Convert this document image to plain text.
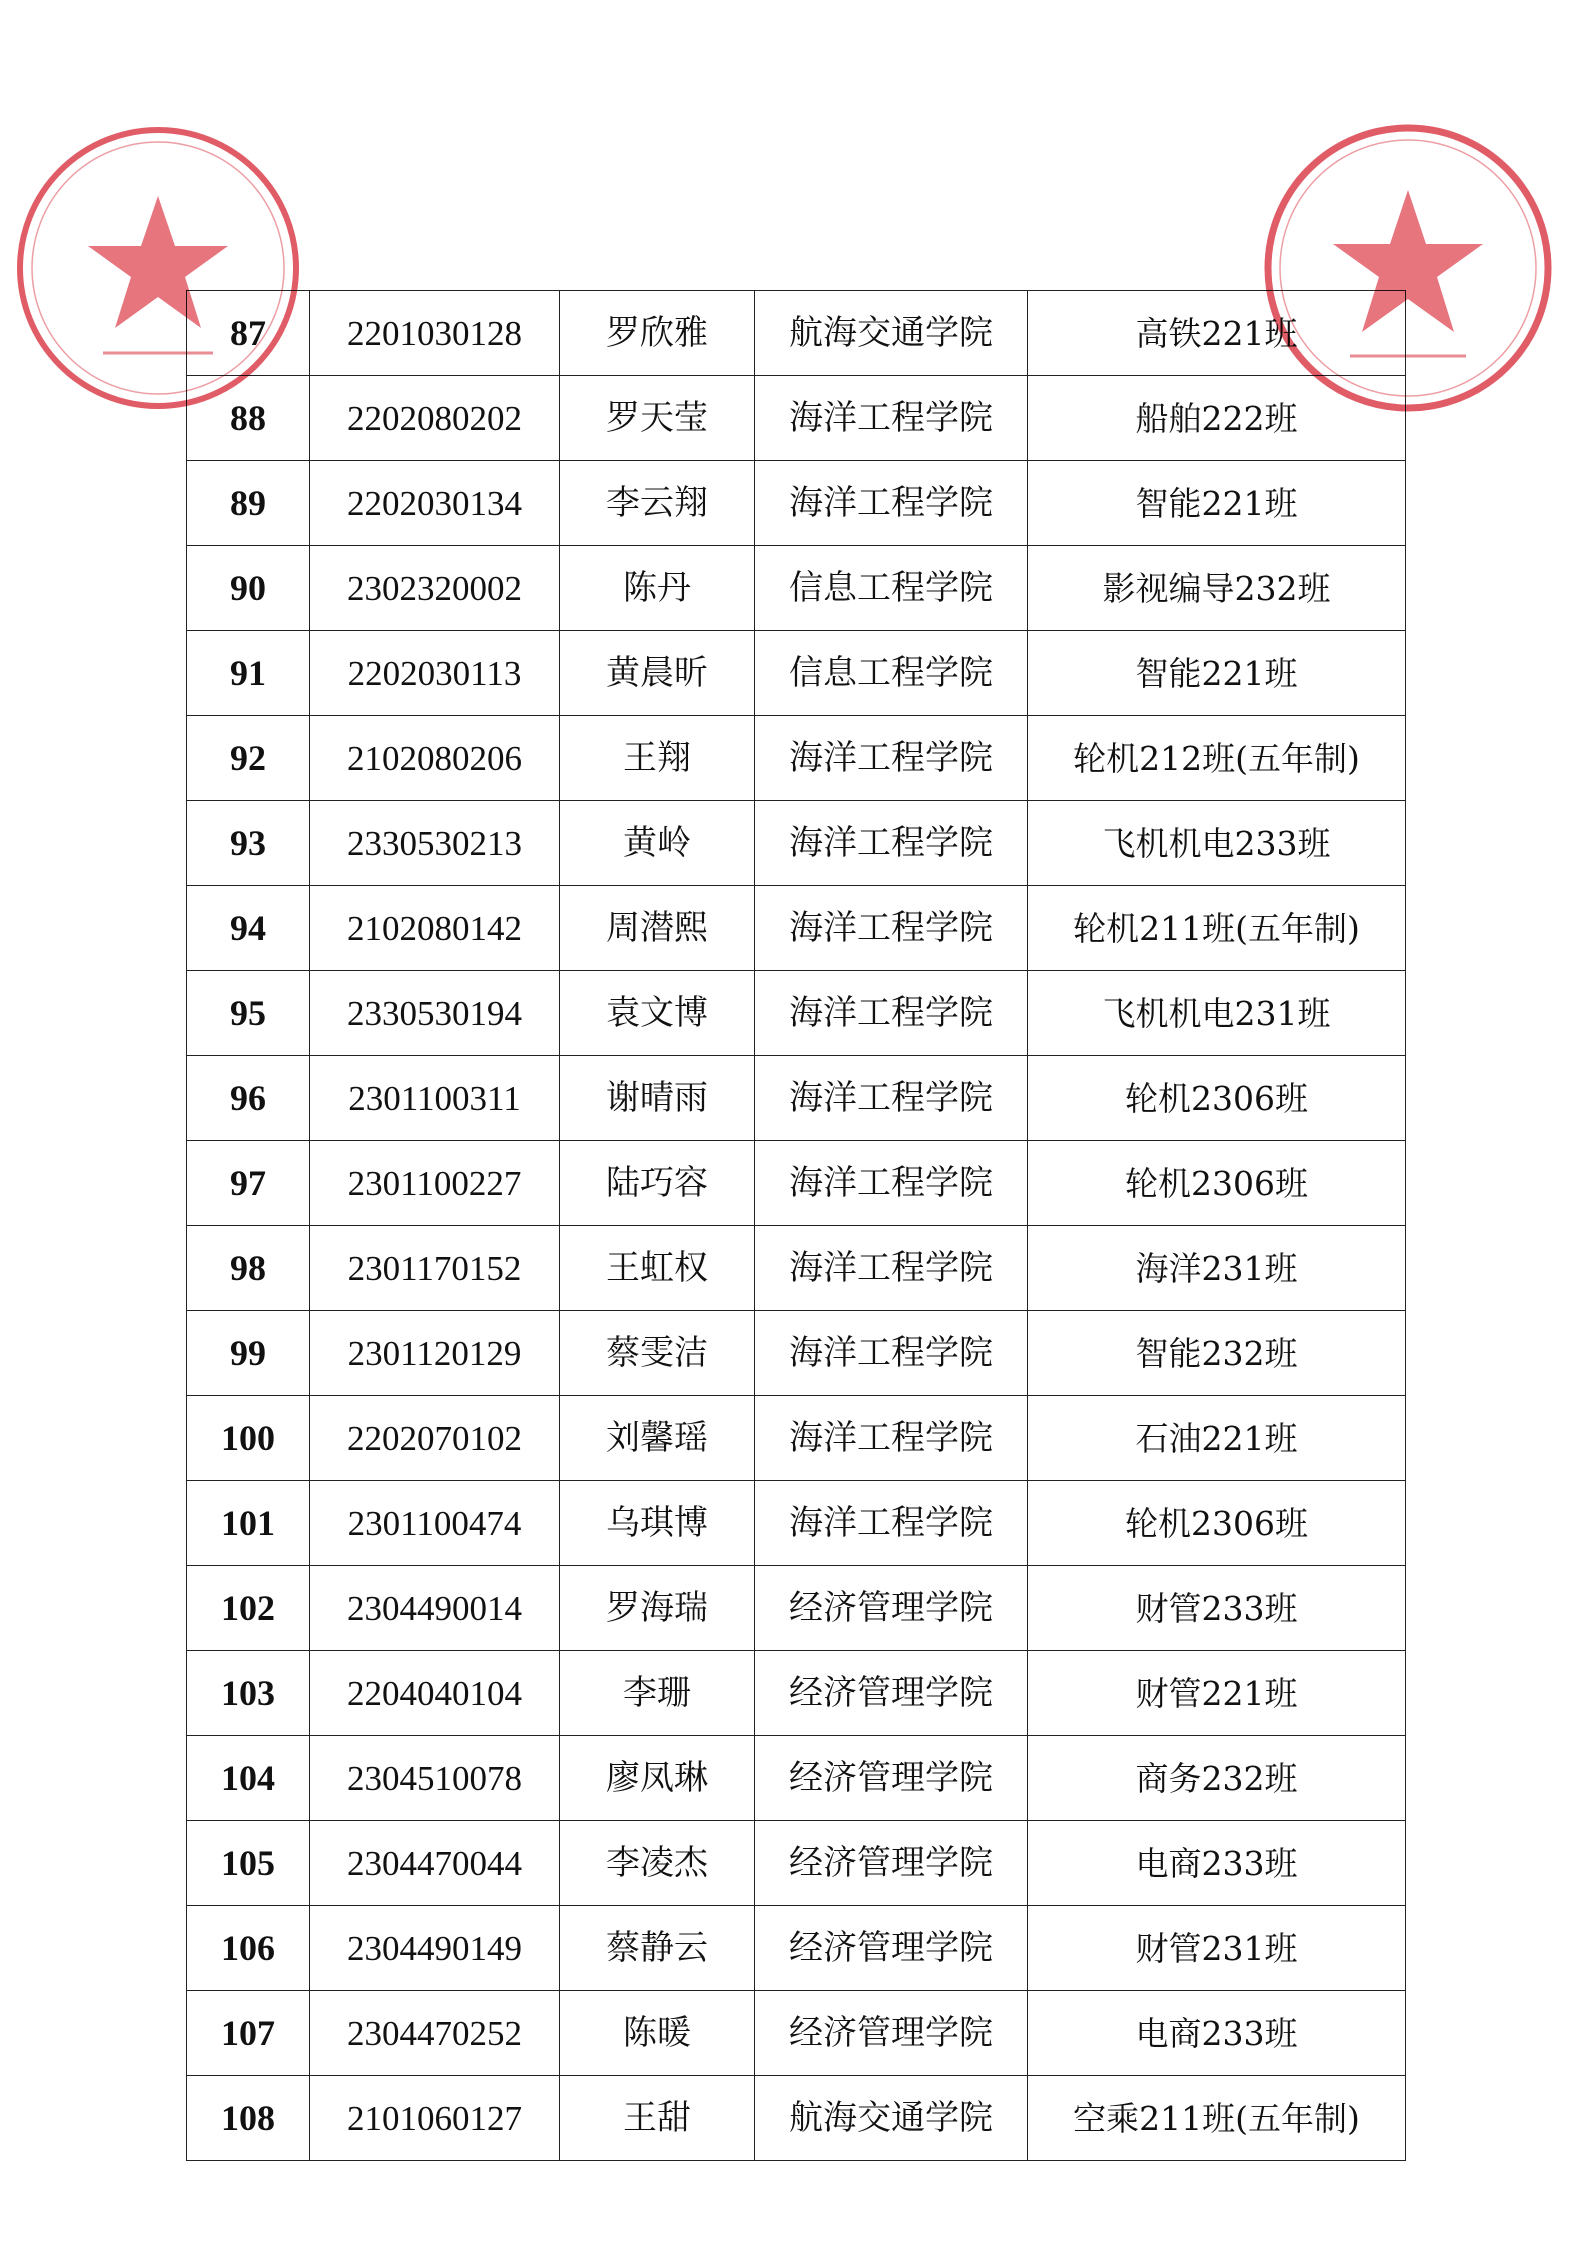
87	2201030128	罗欣雅	航海交通学院	高铁221班
88	2202080202	罗天莹	海洋工程学院	船舶222班
89	2202030134	李云翔	海洋工程学院	智能221班
90	2302320002	陈丹	信息工程学院	影视编导232班
91	2202030113	黄晨昕	信息工程学院	智能221班
92	2102080206	王翔	海洋工程学院	轮机212班(五年制)
93	2330530213	黄岭	海洋工程学院	飞机机电233班
94	2102080142	周潜熙	海洋工程学院	轮机211班(五年制)
95	2330530194	袁文博	海洋工程学院	飞机机电231班
96	2301100311	谢晴雨	海洋工程学院	轮机2306班
97	2301100227	陆巧容	海洋工程学院	轮机2306班
98	2301170152	王虹权	海洋工程学院	海洋231班
99	2301120129	蔡雯洁	海洋工程学院	智能232班
100	2202070102	刘馨瑶	海洋工程学院	石油221班
101	2301100474	乌琪博	海洋工程学院	轮机2306班
102	2304490014	罗海瑞	经济管理学院	财管233班
103	2204040104	李珊	经济管理学院	财管221班
104	2304510078	廖凤琳	经济管理学院	商务232班
105	2304470044	李凌杰	经济管理学院	电商233班
106	2304490149	蔡静云	经济管理学院	财管231班
107	2304470252	陈暖	经济管理学院	电商233班
108	2101060127	王甜	航海交通学院	空乘211班(五年制)
